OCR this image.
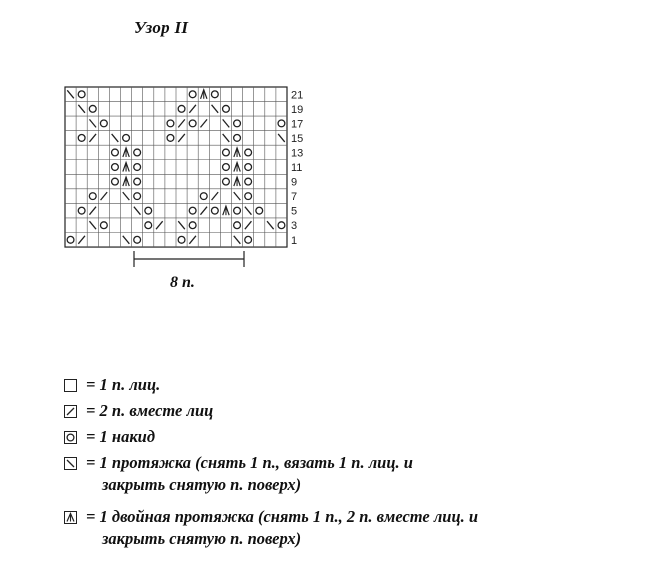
Узор II
21
19
17
15
13
11
9
7
5
3
1
8 п.
= 1 п. лиц.
= 2 п. вместе лиц
= 1 накид
= 1 протяжка (снять 1 п., вязать 1 п. лиц. и
закрыть снятую п. поверх)
= 1 двойная протяжка (снять 1 п., 2 п. вместе лиц. и
закрыть снятую п. поверх)
